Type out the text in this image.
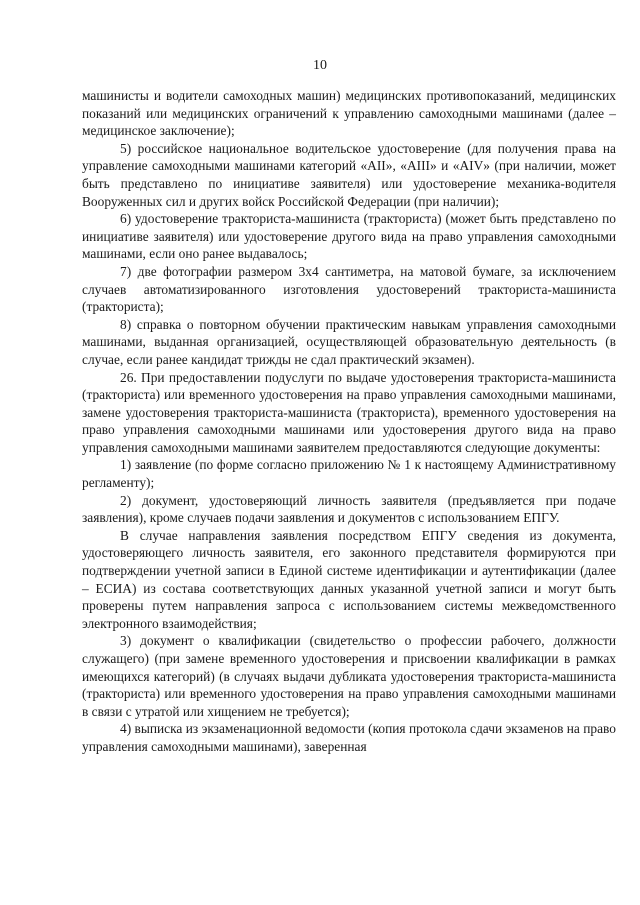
10

машинисты и водители самоходных машин) медицинских противопоказаний, медицинских показаний или медицинских ограничений к управлению самоходными машинами (далее – медицинское заключение);

5) российское национальное водительское удостоверение (для получения права на управление самоходными машинами категорий «AII», «AIII» и «AIV» (при наличии, может быть представлено по инициативе заявителя) или удостоверение механика-водителя Вооруженных сил и других войск Российской Федерации (при наличии);

6) удостоверение тракториста-машиниста (тракториста) (может быть представлено по инициативе заявителя) или удостоверение другого вида на право управления самоходными машинами, если оно ранее выдавалось;

7) две фотографии размером 3x4 сантиметра, на матовой бумаге, за исключением случаев автоматизированного изготовления удостоверений тракториста-машиниста (тракториста);

8) справка о повторном обучении практическим навыкам управления самоходными машинами, выданная организацией, осуществляющей образовательную деятельность (в случае, если ранее кандидат трижды не сдал практический экзамен).

26. При предоставлении подуслуги по выдаче удостоверения тракториста-машиниста (тракториста) или временного удостоверения на право управления самоходными машинами, замене удостоверения тракториста-машиниста (тракториста), временного удостоверения на право управления самоходными машинами или удостоверения другого вида на право управления самоходными машинами заявителем предоставляются следующие документы:

1) заявление (по форме согласно приложению № 1 к настоящему Административному регламенту);

2) документ, удостоверяющий личность заявителя (предъявляется при подаче заявления), кроме случаев подачи заявления и документов с использованием ЕПГУ.

В случае направления заявления посредством ЕПГУ сведения из документа, удостоверяющего личность заявителя, его законного представителя формируются при подтверждении учетной записи в Единой системе идентификации и аутентификации (далее – ЕСИА) из состава соответствующих данных указанной учетной записи и могут быть проверены путем направления запроса с использованием системы межведомственного электронного взаимодействия;

3) документ о квалификации (свидетельство о профессии рабочего, должности служащего) (при замене временного удостоверения и присвоении квалификации в рамках имеющихся категорий) (в случаях выдачи дубликата удостоверения тракториста-машиниста (тракториста) или временного удостоверения на право управления самоходными машинами в связи с утратой или хищением не требуется);

4) выписка из экзаменационной ведомости (копия протокола сдачи экзаменов на право управления самоходными машинами), заверенная
